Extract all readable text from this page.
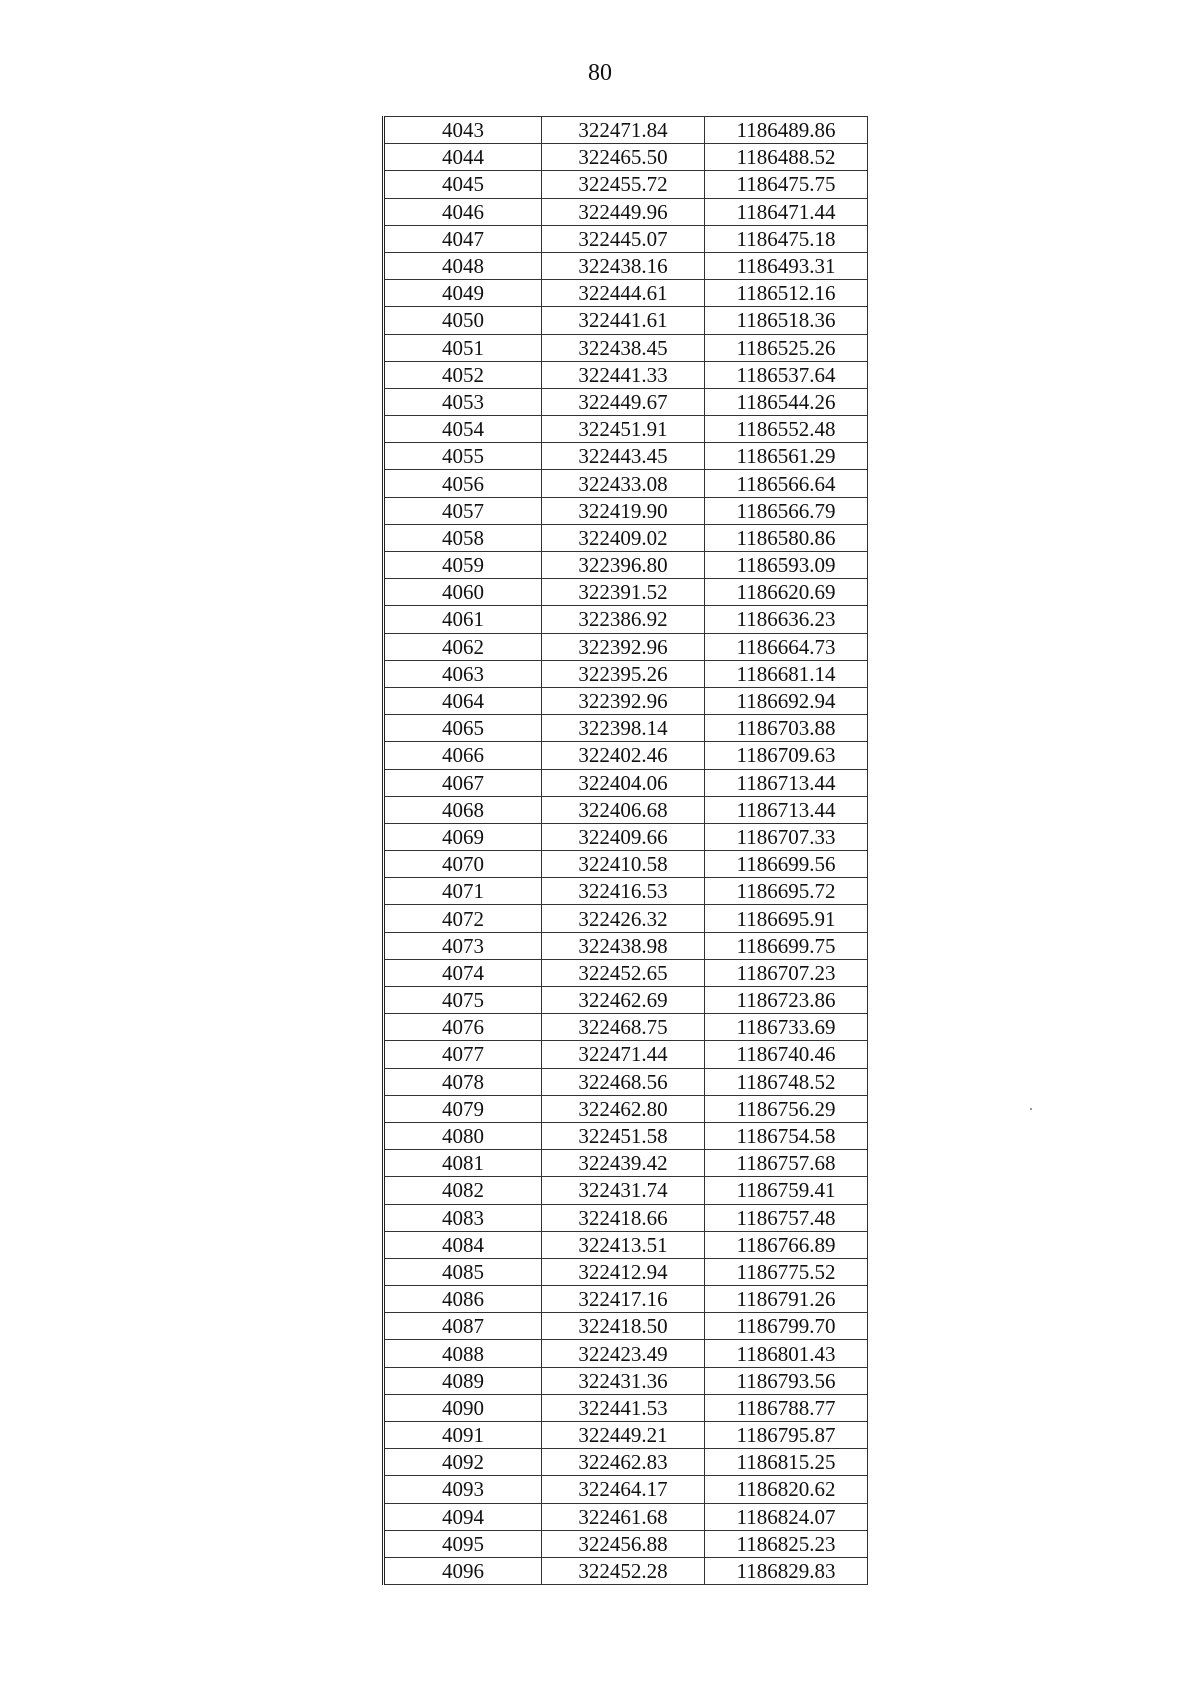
80
4043	322471.84	1186489.86
4044	322465.50	1186488.52
4045	322455.72	1186475.75
4046	322449.96	1186471.44
4047	322445.07	1186475.18
4048	322438.16	1186493.31
4049	322444.61	1186512.16
4050	322441.61	1186518.36
4051	322438.45	1186525.26
4052	322441.33	1186537.64
4053	322449.67	1186544.26
4054	322451.91	1186552.48
4055	322443.45	1186561.29
4056	322433.08	1186566.64
4057	322419.90	1186566.79
4058	322409.02	1186580.86
4059	322396.80	1186593.09
4060	322391.52	1186620.69
4061	322386.92	1186636.23
4062	322392.96	1186664.73
4063	322395.26	1186681.14
4064	322392.96	1186692.94
4065	322398.14	1186703.88
4066	322402.46	1186709.63
4067	322404.06	1186713.44
4068	322406.68	1186713.44
4069	322409.66	1186707.33
4070	322410.58	1186699.56
4071	322416.53	1186695.72
4072	322426.32	1186695.91
4073	322438.98	1186699.75
4074	322452.65	1186707.23
4075	322462.69	1186723.86
4076	322468.75	1186733.69
4077	322471.44	1186740.46
4078	322468.56	1186748.52
4079	322462.80	1186756.29
4080	322451.58	1186754.58
4081	322439.42	1186757.68
4082	322431.74	1186759.41
4083	322418.66	1186757.48
4084	322413.51	1186766.89
4085	322412.94	1186775.52
4086	322417.16	1186791.26
4087	322418.50	1186799.70
4088	322423.49	1186801.43
4089	322431.36	1186793.56
4090	322441.53	1186788.77
4091	322449.21	1186795.87
4092	322462.83	1186815.25
4093	322464.17	1186820.62
4094	322461.68	1186824.07
4095	322456.88	1186825.23
4096	322452.28	1186829.83
